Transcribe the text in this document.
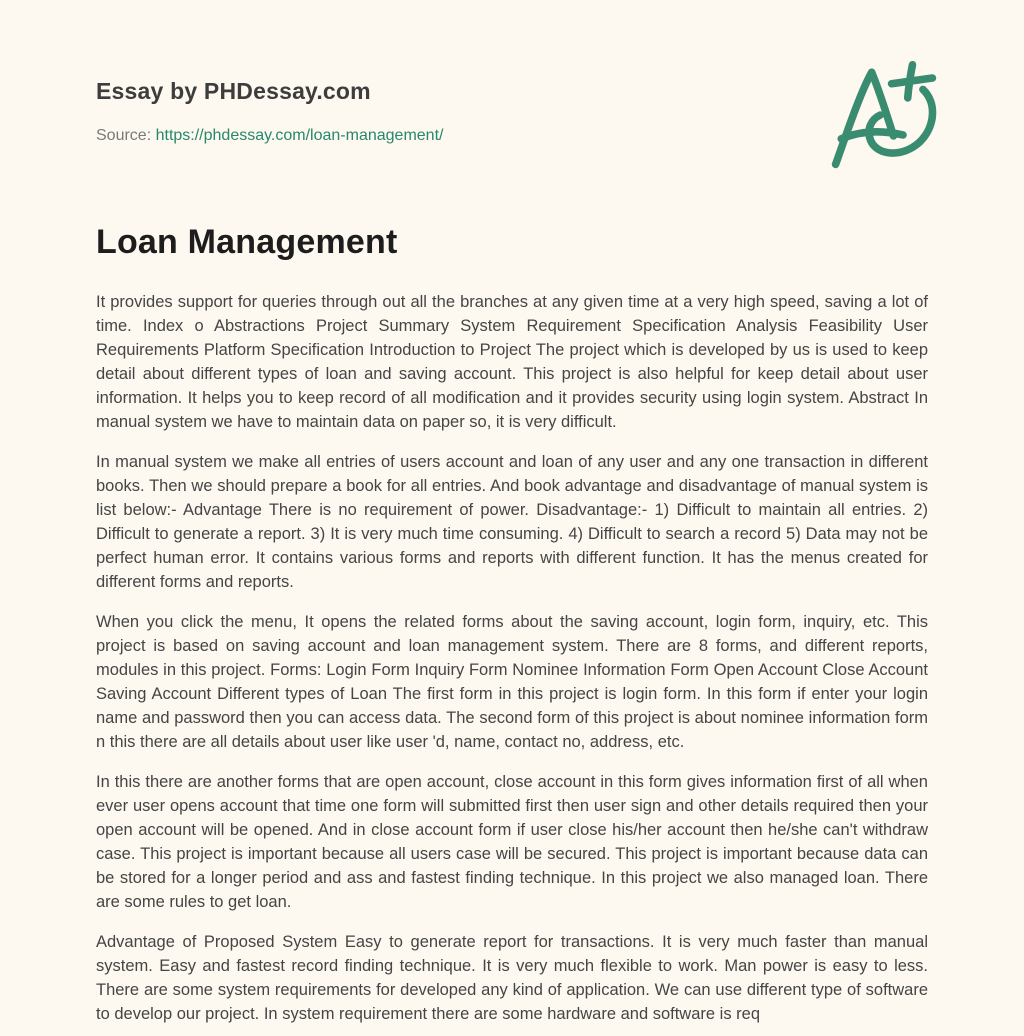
Essay by PHDessay.com
Source: https://phdessay.com/loan-management/
Loan Management

It provides support for queries through out all the branches at any given time at a very high speed, saving a lot of time. Index o Abstractions Project Summary System Requirement Specification Analysis Feasibility User Requirements Platform Specification Introduction to Project The project which is developed by us is used to keep detail about different types of loan and saving account. This project is also helpful for keep detail about user information. It helps you to keep record of all modification and it provides security using login system. Abstract In manual system we have to maintain data on paper so, it is very difficult.

In manual system we make all entries of users account and loan of any user and any one transaction in different books. Then we should prepare a book for all entries. And book advantage and disadvantage of manual system is list below:- Advantage There is no requirement of power. Disadvantage:- 1) Difficult to maintain all entries. 2) Difficult to generate a report. 3) It is very much time consuming. 4) Difficult to search a record 5) Data may not be perfect human error. It contains various forms and reports with different function. It has the menus created for different forms and reports.

When you click the menu, It opens the related forms about the saving account, login form, inquiry, etc. This project is based on saving account and loan management system. There are 8 forms, and different reports, modules in this project. Forms: Login Form Inquiry Form Nominee Information Form Open Account Close Account Saving Account Different types of Loan The first form in this project is login form. In this form if enter your login name and password then you can access data. The second form of this project is about nominee information form n this there are all details about user like user 'd, name, contact no, address, etc.

In this there are another forms that are open account, close account in this form gives information first of all when ever user opens account that time one form will submitted first then user sign and other details required then your open account will be opened. And in close account form if user close his/her account then he/she can't withdraw case. This project is important because all users case will be secured. This project is important because data can be stored for a longer period and ass and fastest finding technique. In this project we also managed loan. There are some rules to get loan.

Advantage of Proposed System Easy to generate report for transactions. It is very much faster than manual system. Easy and fastest record finding technique. It is very much flexible to work. Man power is easy to less. There are some system requirements for developed any kind of application. We can use different type of software to develop our project. In system requirement there are some hardware and software is req
